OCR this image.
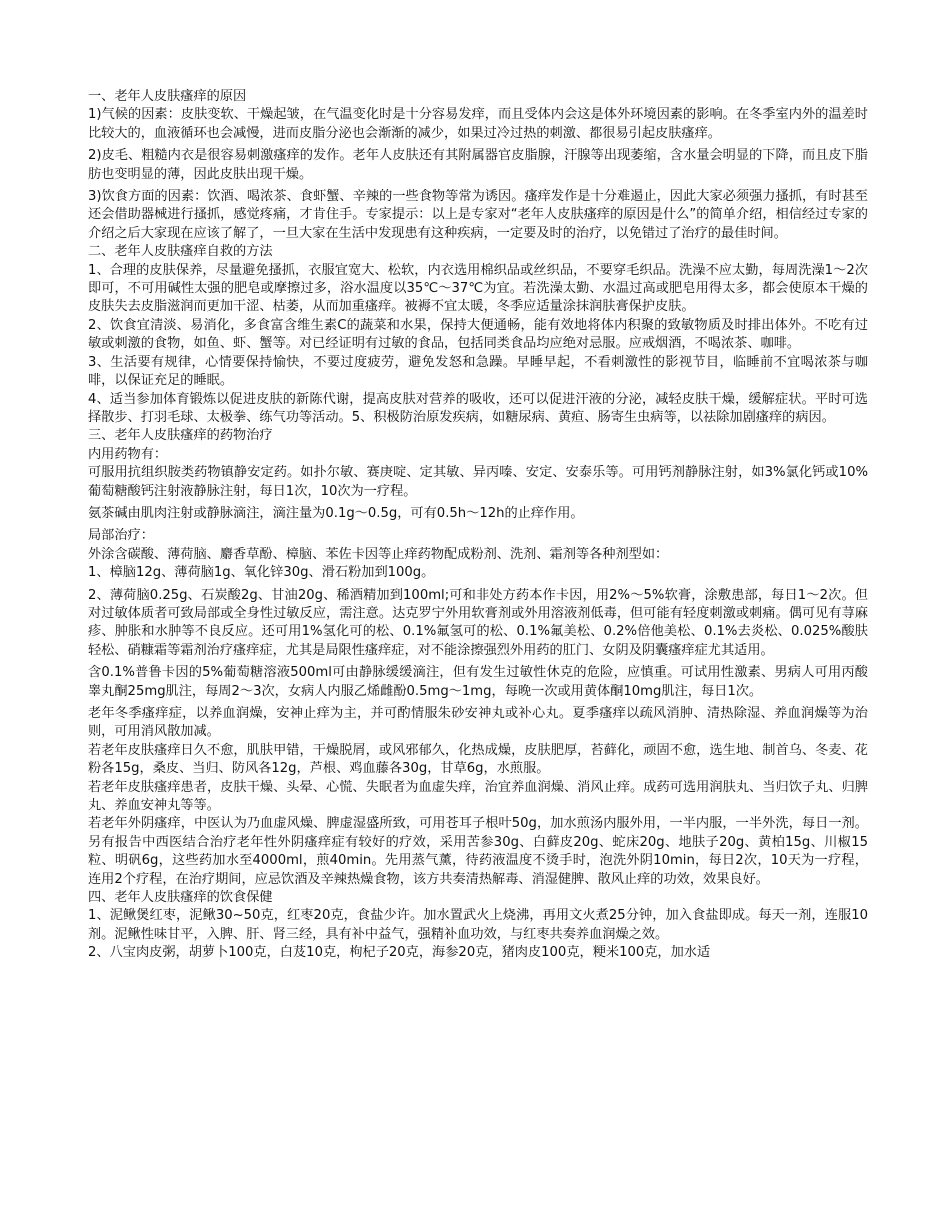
一、老年人皮肤瘙痒的原因

1)气候的因素：皮肤变软、干燥起皱，在气温变化时是十分容易发痒，而且受体内会这是体外环境因素的影响。在冬季室内外的温差时比较大的，血液循环也会减慢，进而皮脂分泌也会渐渐的减少，如果过冷过热的刺激、都很易引起皮肤瘙痒。

2)皮毛、粗糙内衣是很容易刺激瘙痒的发作。老年人皮肤还有其附属器官皮脂腺，汗腺等出现萎缩，含水量会明显的下降，而且皮下脂肪也变明显的薄，因此皮肤出现干燥。

3)饮食方面的因素：饮酒、喝浓茶、食虾蟹、辛辣的一些食物等常为诱因。瘙痒发作是十分难遏止，因此大家必须强力搔抓，有时甚至还会借助器械进行搔抓，感觉疼痛，才肯住手。专家提示：以上是专家对“老年人皮肤瘙痒的原因是什么”的简单介绍，相信经过专家的介绍之后大家现在应该了解了，一旦大家在生活中发现患有这种疾病，一定要及时的治疗，以免错过了治疗的最佳时间。

二、老年人皮肤瘙痒自救的方法

1、合理的皮肤保养，尽量避免搔抓，衣服宜宽大、松软，内衣选用棉织品或丝织品，不要穿毛织品。洗澡不应太勤，每周洗澡1～2次即可，不可用碱性太强的肥皂或摩擦过多，浴水温度以35℃～37℃为宜。若洗澡太勤、水温过高或肥皂用得太多，都会使原本干燥的皮肤失去皮脂滋润而更加干涩、枯萎，从而加重瘙痒。被褥不宜太暖，冬季应适量涂抹润肤膏保护皮肤。

2、饮食宜清淡、易消化，多食富含维生素C的蔬菜和水果，保持大便通畅，能有效地将体内积聚的致敏物质及时排出体外。不吃有过敏或刺激的食物，如鱼、虾、蟹等。对已经证明有过敏的食品，包括同类食品均应绝对忌服。应戒烟酒，不喝浓茶、咖啡。

3、生活要有规律，心情要保持愉快，不要过度疲劳，避免发怒和急躁。早睡早起，不看刺激性的影视节目，临睡前不宜喝浓茶与咖啡，以保证充足的睡眠。

4、适当参加体育锻炼以促进皮肤的新陈代谢，提高皮肤对营养的吸收，还可以促进汗液的分泌，减轻皮肤干燥，缓解症状。平时可选择散步、打羽毛球、太极拳、练气功等活动。5、积极防治原发疾病，如糖尿病、黄疸、肠寄生虫病等，以祛除加剧瘙痒的病因。

三、老年人皮肤瘙痒的药物治疗

内用药物有：

可服用抗组织胺类药物镇静安定药。如扑尔敏、赛庚啶、定其敏、异丙嗪、安定、安泰乐等。可用钙剂静脉注射，如3%氯化钙或10%葡萄糖酸钙注射液静脉注射，每日1次，10次为一疗程。

氨茶碱由肌肉注射或静脉滴注，滴注量为0.1g～0.5g，可有0.5h～12h的止痒作用。

局部治疗：

外涂含碳酸、薄荷脑、麝香草酚、樟脑、苯佐卡因等止痒药物配成粉剂、洗剂、霜剂等各种剂型如：

1、樟脑12g、薄荷脑1g、氧化锌30g、滑石粉加到100g。

2、薄荷脑0.25g、石炭酸2g、甘油20g、稀酒精加到100ml;可和非处方药本作卡因，用2%～5%软膏，涂敷患部，每日1～2次。但对过敏体质者可致局部或全身性过敏反应，需注意。达克罗宁外用软膏剂或外用溶液剂低毒，但可能有轻度刺激或刺痛。偶可见有荨麻疹、肿胀和水肿等不良反应。还可用1%氢化可的松、0.1%氟氢可的松、0.1%氟美松、0.2%倍他美松、0.1%去炎松、0.025%酸肤轻松、硝糠霜等霜剂治疗瘙痒症，尤其是局限性瘙痒症，对不能涂擦强烈外用药的肛门、女阴及阴囊瘙痒症尤其适用。

含0.1%普鲁卡因的5%葡萄糖溶液500ml可由静脉缓缓滴注，但有发生过敏性休克的危险，应慎重。可试用性激素、男病人可用丙酸睾丸酮25mg肌注，每周2～3次，女病人内服乙烯雌酚0.5mg～1mg，每晚一次或用黄体酮10mg肌注，每日1次。

老年冬季瘙痒症，以养血润燥，安神止痒为主，并可酌情服朱砂安神丸或补心丸。夏季瘙痒以疏风消肿、清热除湿、养血润燥等为治则，可用消风散加减。

若老年皮肤瘙痒日久不愈，肌肤甲错，干燥脱屑，或风邪郁久，化热成燥，皮肤肥厚，苔藓化，顽固不愈，选生地、制首乌、冬麦、花粉各15g，桑皮、当归、防风各12g，芦根、鸡血藤各30g，甘草6g，水煎服。

若老年皮肤瘙痒患者，皮肤干燥、头晕、心慌、失眠者为血虚失痒，治宜养血润燥、消风止痒。成药可选用润肤丸、当归饮子丸、归脾丸、养血安神丸等等。

若老年外阴瘙痒，中医认为乃血虚风燥、脾虚湿盛所致，可用苍耳子根叶50g，加水煎汤内服外用，一半内服，一半外洗，每日一剂。另有报告中西医结合治疗老年性外阴瘙痒症有较好的疗效，采用苦参30g、白藓皮20g、蛇床20g、地肤子20g、黄柏15g、川椒15粒、明矾6g，这些药加水至4000ml，煎40min。先用蒸气薰，待药液温度不烫手时，泡洗外阴10min，每日2次，10天为一疗程，连用2个疗程，在治疗期间，应忌饮酒及辛辣热燥食物，该方共奏清热解毒、消湿健脾、散风止痒的功效，效果良好。

四、老年人皮肤瘙痒的饮食保健

1、泥鳅煲红枣，泥鳅30~50克，红枣20克，食盐少许。加水置武火上烧沸，再用文火煮25分钟，加入食盐即成。每天一剂，连服10剂。泥鳅性味甘平，入脾、肝、肾三经，具有补中益气，强精补血功效，与红枣共奏养血润燥之效。

2、八宝肉皮粥，胡萝卜100克，白芨10克，枸杞子20克，海参20克，猪肉皮100克，粳米100克，加水适
